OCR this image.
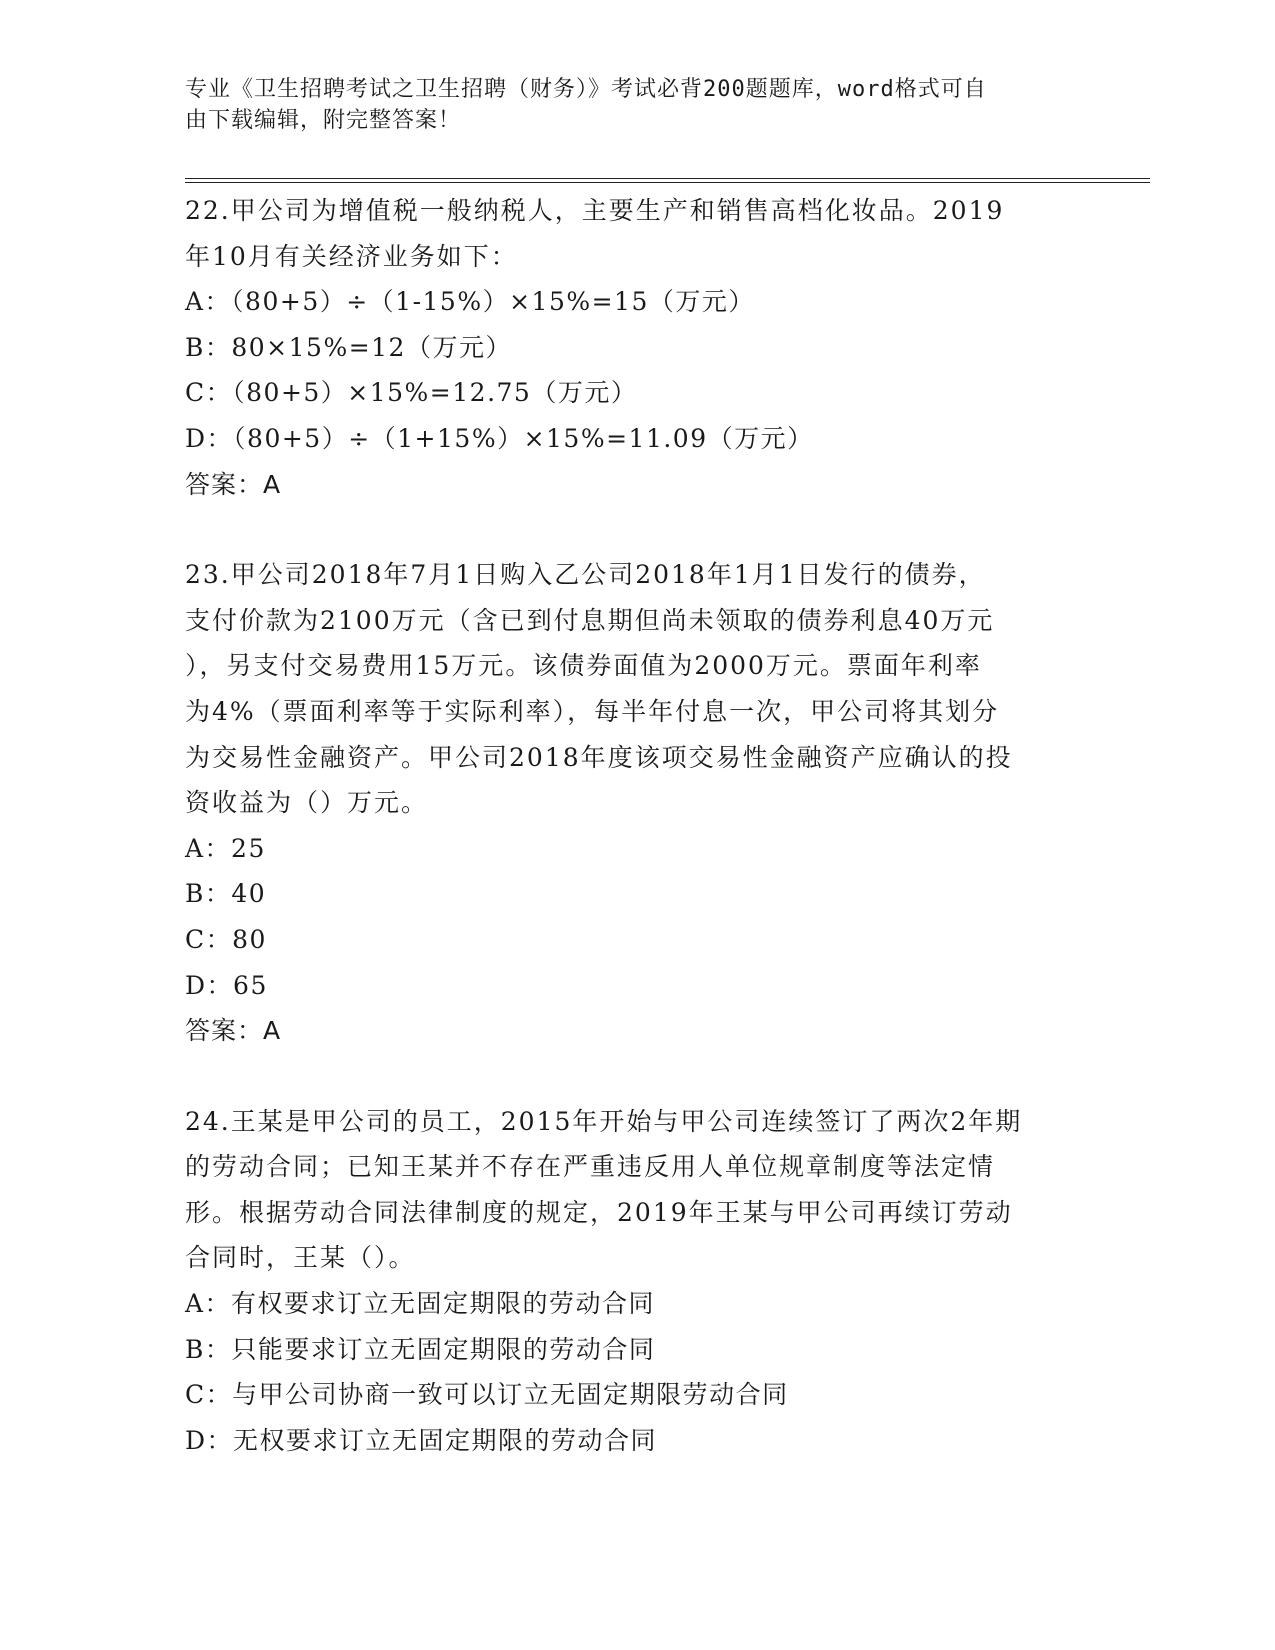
专业《卫生招聘考试之卫生招聘（财务）》考试必背200题题库，word格式可自
由下载编辑，附完整答案！

22.甲公司为增值税一般纳税人，主要生产和销售高档化妆品。2019

年10月有关经济业务如下：

A：（80+5）÷（1-15%）×15%=15（万元）

B：80×15%=12（万元）

C：（80+5）×15%=12.75（万元）

D：（80+5）÷（1+15%）×15%=11.09（万元）

答案：A

23.甲公司2018年7月1日购入乙公司2018年1月1日发行的债券，

支付价款为2100万元（含已到付息期但尚未领取的债券利息40万元

），另支付交易费用15万元。该债券面值为2000万元。票面年利率

为4%（票面利率等于实际利率），每半年付息一次，甲公司将其划分

为交易性金融资产。甲公司2018年度该项交易性金融资产应确认的投

资收益为（）万元。

A：25

B：40

C：80

D：65

答案：A

24.王某是甲公司的员工，2015年开始与甲公司连续签订了两次2年期

的劳动合同；已知王某并不存在严重违反用人单位规章制度等法定情

形。根据劳动合同法律制度的规定，2019年王某与甲公司再续订劳动

合同时，王某（）。

A：有权要求订立无固定期限的劳动合同

B：只能要求订立无固定期限的劳动合同

C：与甲公司协商一致可以订立无固定期限劳动合同

D：无权要求订立无固定期限的劳动合同
